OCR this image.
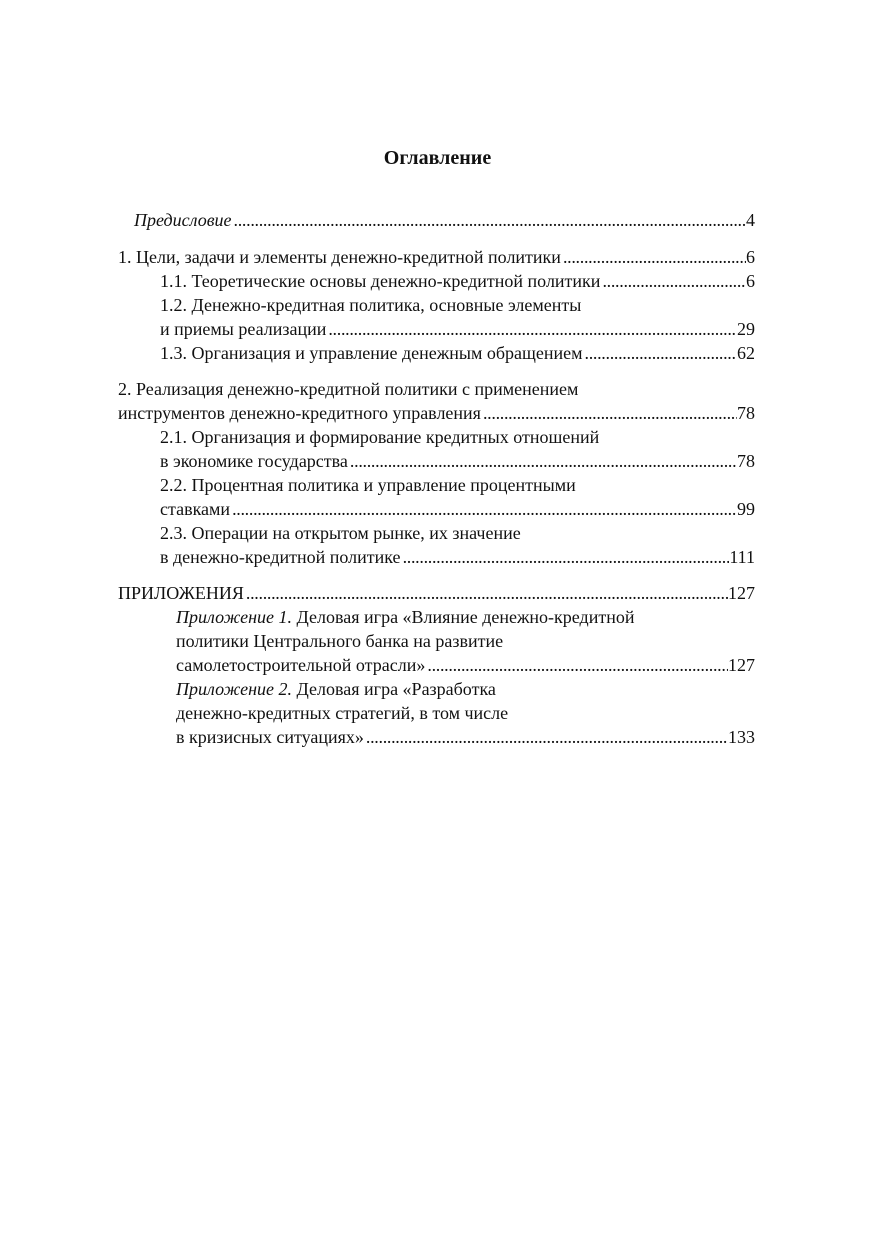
Оглавление
Предисловие . . .	4
1. Цели, задачи и элементы денежно-кредитной политики . . .	6
1.1. Теоретические основы денежно-кредитной политики . . .	6
1.2. Денежно-кредитная политика, основные элементы
и приемы реализации . . .	29
1.3. Организация и управление денежным обращением . . .	62
2. Реализация денежно-кредитной политики с применением
инструментов денежно-кредитного управления . . .	78
2.1. Организация и формирование кредитных отношений
в экономике государства . . .	78
2.2. Процентная политика и управление процентными
ставками . . .	99
2.3. Операции на открытом рынке, их значение
в денежно-кредитной политике . . .	111
ПРИЛОЖЕНИЯ . . .	127
Приложение 1. Деловая игра «Влияние денежно-кредитной
политики Центрального банка на развитие
самолетостроительной отрасли» . . .	127
Приложение 2. Деловая игра «Разработка
денежно-кредитных стратегий, в том числе
в кризисных ситуациях» . . .	133
